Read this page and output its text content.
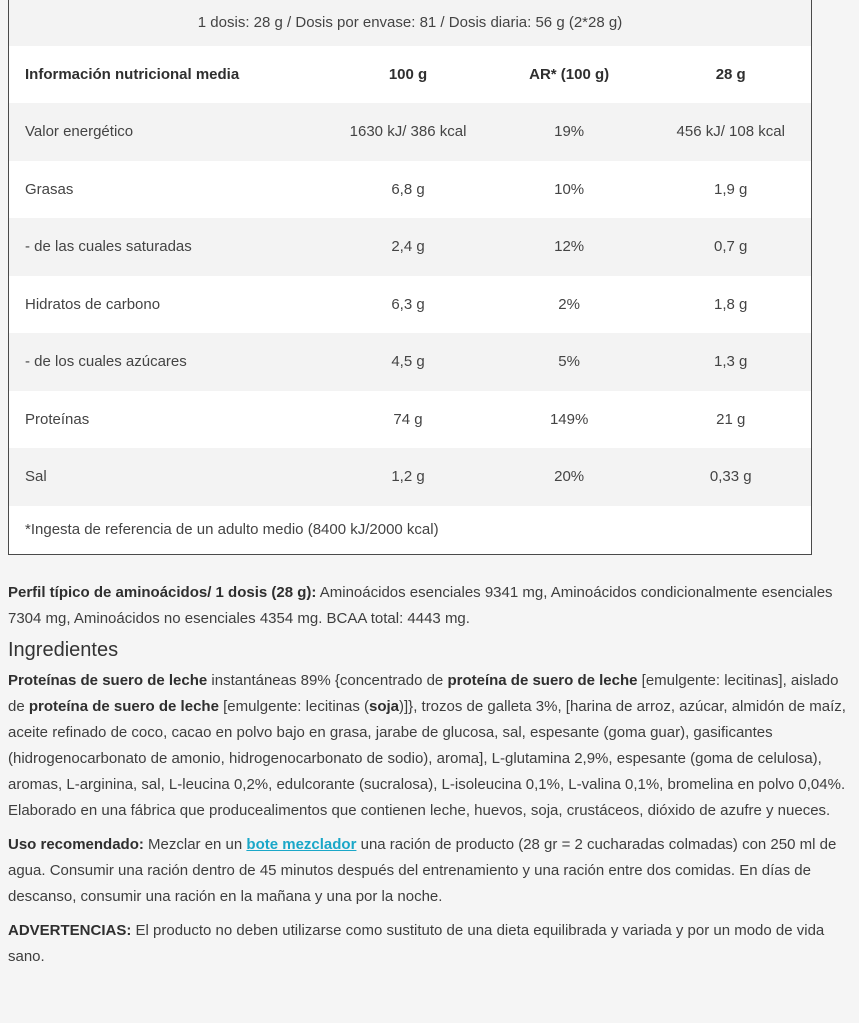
1 dosis: 28 g / Dosis por envase: 81 / Dosis diaria: 56 g (2*28 g)
Información nutricional media	100 g	AR* (100 g)	28 g
Valor energético	1630 kJ/ 386 kcal	19%	456 kJ/ 108 kcal
Grasas	6,8 g	10%	1,9 g
- de las cuales saturadas	2,4 g	12%	0,7 g
Hidratos de carbono	6,3 g	2%	1,8 g
- de los cuales azúcares	4,5 g	5%	1,3 g
Proteínas	74 g	149%	21 g
Sal	1,2 g	20%	0,33 g
*Ingesta de referencia de un adulto medio (8400 kJ/2000 kcal)

Perfil típico de aminoácidos/ 1 dosis (28 g): Aminoácidos esenciales 9341 mg, Aminoácidos condicionalmente esenciales 7304 mg, Aminoácidos no esenciales 4354 mg. BCAA total: 4443 mg.

Ingredientes

Proteínas de suero de leche instantáneas 89% {concentrado de proteína de suero de leche [emulgente: lecitinas], aislado de proteína de suero de leche [emulgente: lecitinas (soja)]}, trozos de galleta 3%, [harina de arroz, azúcar, almidón de maíz, aceite refinado de coco, cacao en polvo bajo en grasa, jarabe de glucosa, sal, espesante (goma guar), gasificantes (hidrogenocarbonato de amonio, hidrogenocarbonato de sodio), aroma], L-glutamina 2,9%, espesante (goma de celulosa), aromas, L-arginina, sal, L-leucina 0,2%, edulcorante (sucralosa), L-isoleucina 0,1%, L-valina 0,1%, bromelina en polvo 0,04%.

Elaborado en una fábrica que producealimentos que contienen leche, huevos, soja, crustáceos, dióxido de azufre y nueces.

Uso recomendado: Mezclar en un bote mezclador una ración de producto (28 gr = 2 cucharadas colmadas) con 250 ml de agua. Consumir una ración dentro de 45 minutos después del entrenamiento y una ración entre dos comidas. En días de descanso, consumir una ración en la mañana y una por la noche.

ADVERTENCIAS: El producto no deben utilizarse como sustituto de una dieta equilibrada y variada y por un modo de vida sano.
